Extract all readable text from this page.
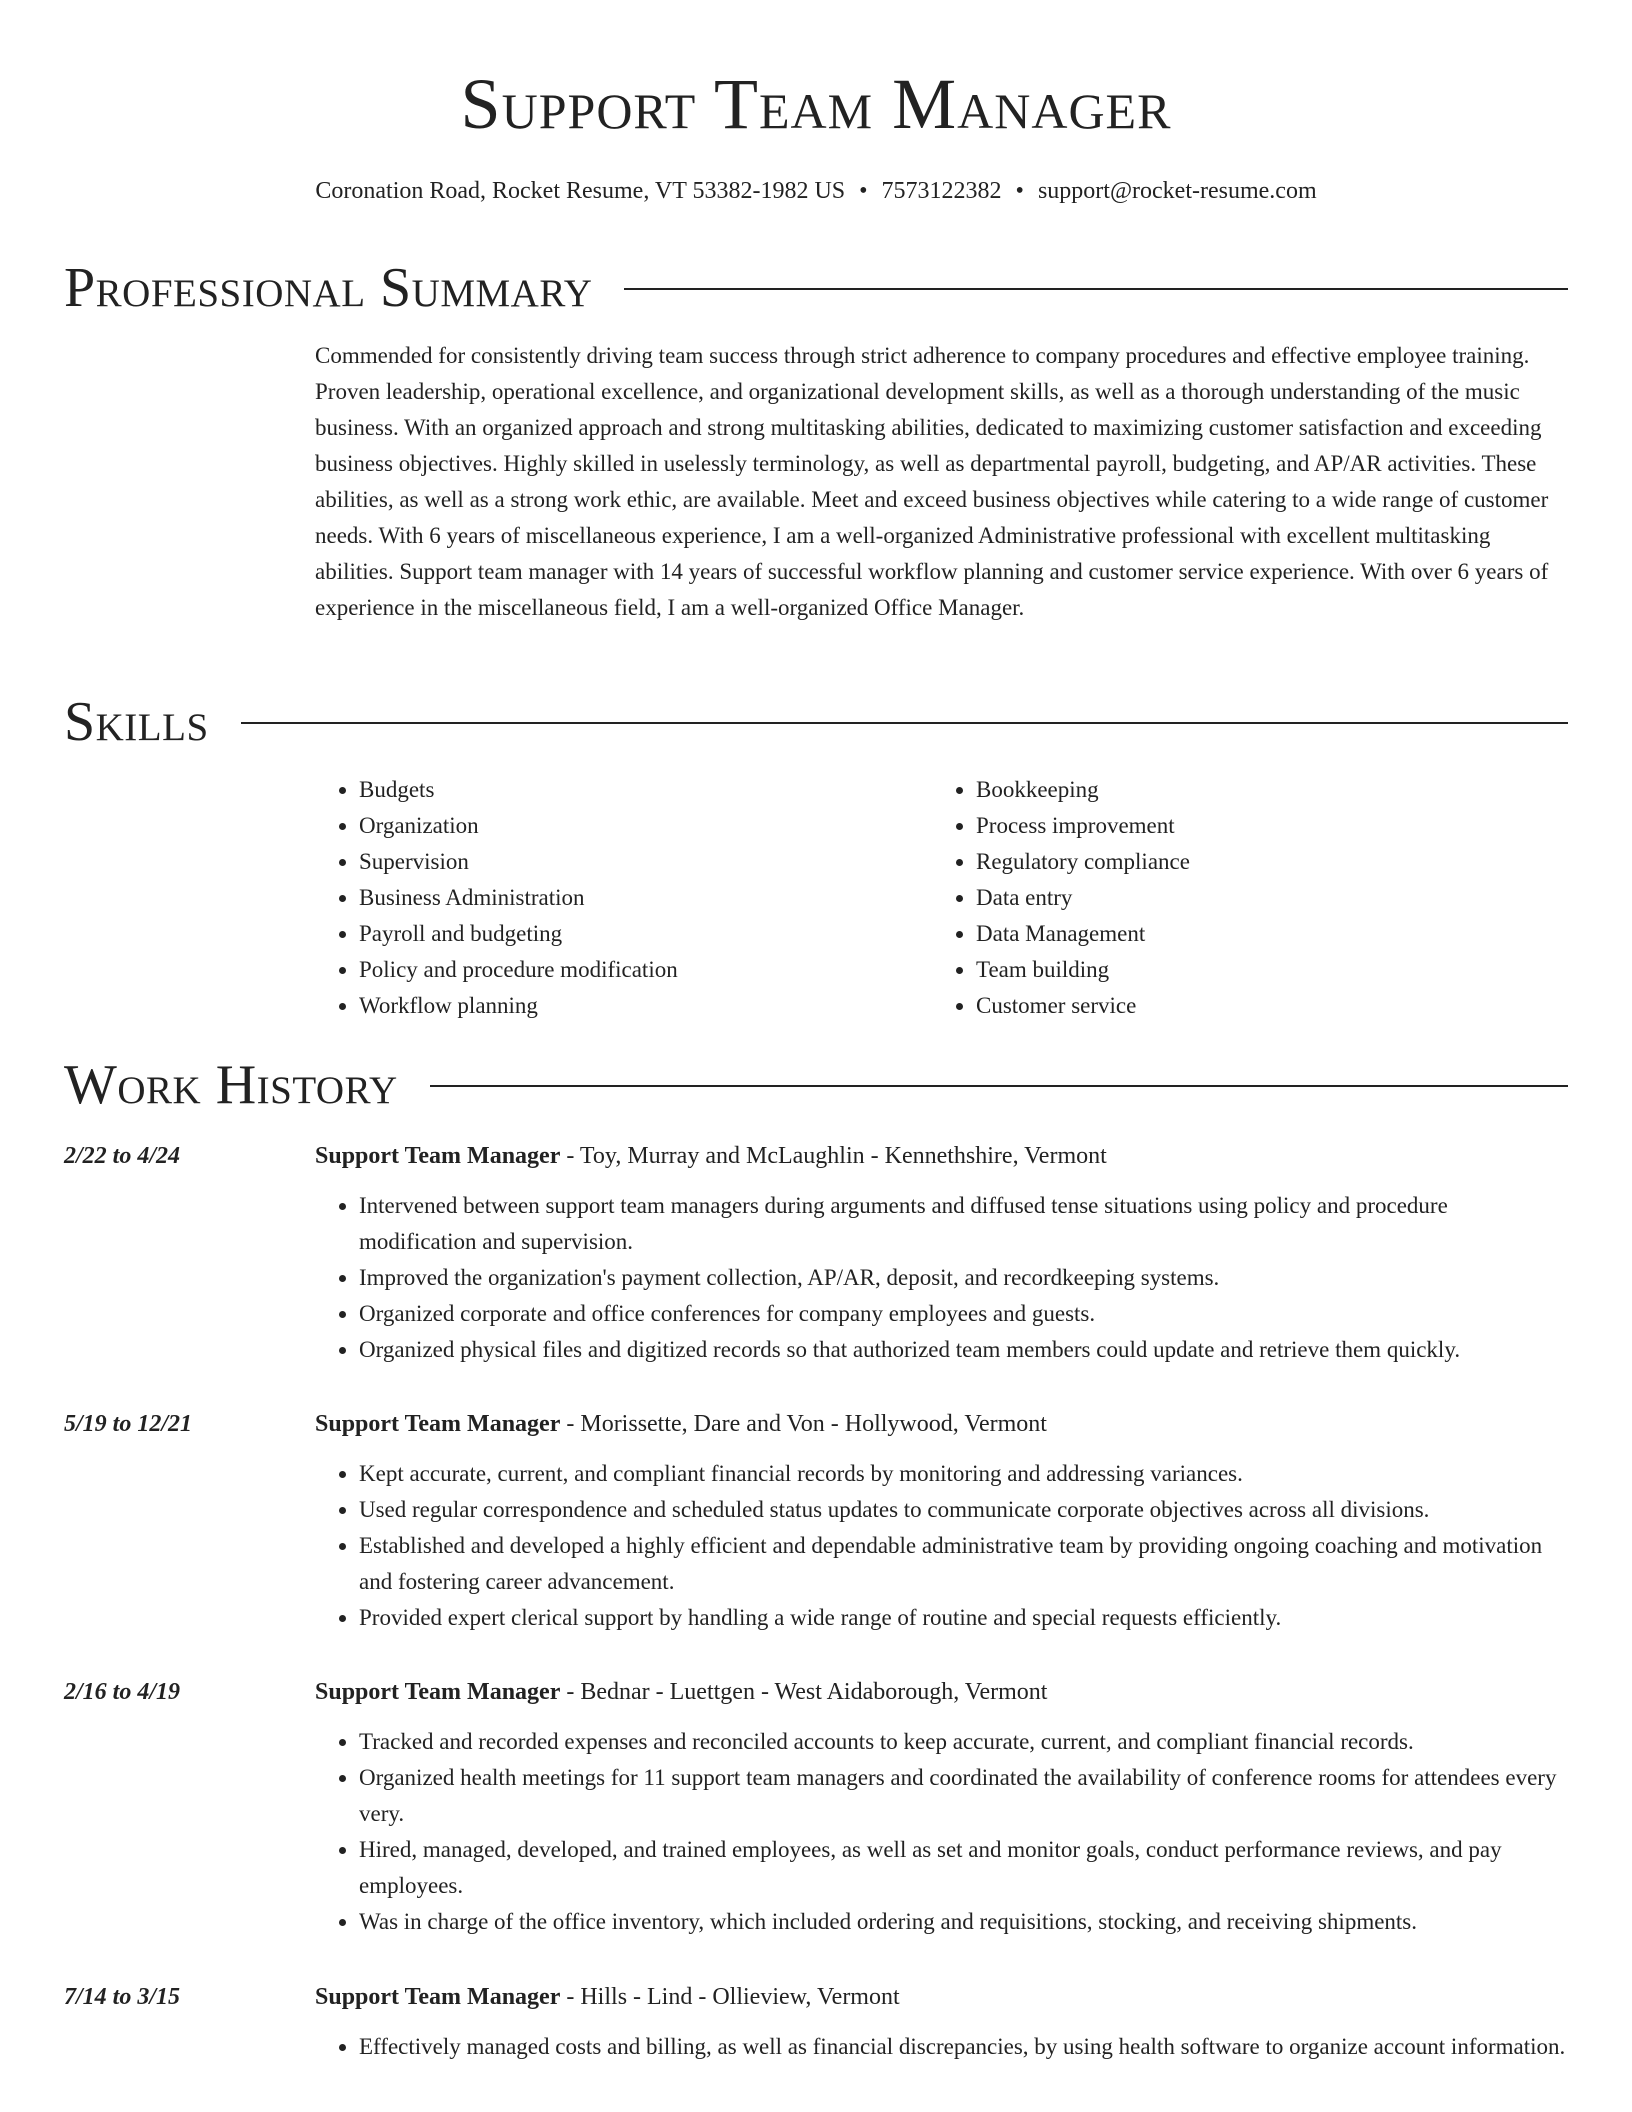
Support Team Manager
Coronation Road, Rocket Resume, VT 53382-1982 US • 7573122382 • support@rocket-resume.com
Professional Summary

Commended for consistently driving team success through strict adherence to company procedures and effective employee training. Proven leadership, operational excellence, and organizational development skills, as well as a thorough understanding of the music business. With an organized approach and strong multitasking abilities, dedicated to maximizing customer satisfaction and exceeding business objectives. Highly skilled in uselessly terminology, as well as departmental payroll, budgeting, and AP/AR activities. These abilities, as well as a strong work ethic, are available. Meet and exceed business objectives while catering to a wide range of customer needs. With 6 years of miscellaneous experience, I am a well-organized Administrative professional with excellent multitasking abilities. Support team manager with 14 years of successful workflow planning and customer service experience. With over 6 years of experience in the miscellaneous field, I am a well-organized Office Manager.

Skills
• Budgets
• Organization
• Supervision
• Business Administration
• Payroll and budgeting
• Policy and procedure modification
• Workflow planning
• Bookkeeping
• Process improvement
• Regulatory compliance
• Data entry
• Data Management
• Team building
• Customer service
Work History
2/22 to 4/24	Support Team Manager - Toy, Murray and McLaughlin - Kennethshire, Vermont
• Intervened between support team managers during arguments and diffused tense situations using policy and procedure modification and supervision.
• Improved the organization's payment collection, AP/AR, deposit, and recordkeeping systems.
• Organized corporate and office conferences for company employees and guests.
• Organized physical files and digitized records so that authorized team members could update and retrieve them quickly.
5/19 to 12/21	Support Team Manager - Morissette, Dare and Von - Hollywood, Vermont
• Kept accurate, current, and compliant financial records by monitoring and addressing variances.
• Used regular correspondence and scheduled status updates to communicate corporate objectives across all divisions.
• Established and developed a highly efficient and dependable administrative team by providing ongoing coaching and motivation and fostering career advancement.
• Provided expert clerical support by handling a wide range of routine and special requests efficiently.
2/16 to 4/19	Support Team Manager - Bednar - Luettgen - West Aidaborough, Vermont
• Tracked and recorded expenses and reconciled accounts to keep accurate, current, and compliant financial records.
• Organized health meetings for 11 support team managers and coordinated the availability of conference rooms for attendees every very.
• Hired, managed, developed, and trained employees, as well as set and monitor goals, conduct performance reviews, and pay employees.
• Was in charge of the office inventory, which included ordering and requisitions, stocking, and receiving shipments.
7/14 to 3/15	Support Team Manager - Hills - Lind - Ollieview, Vermont
• Effectively managed costs and billing, as well as financial discrepancies, by using health software to organize account information.
